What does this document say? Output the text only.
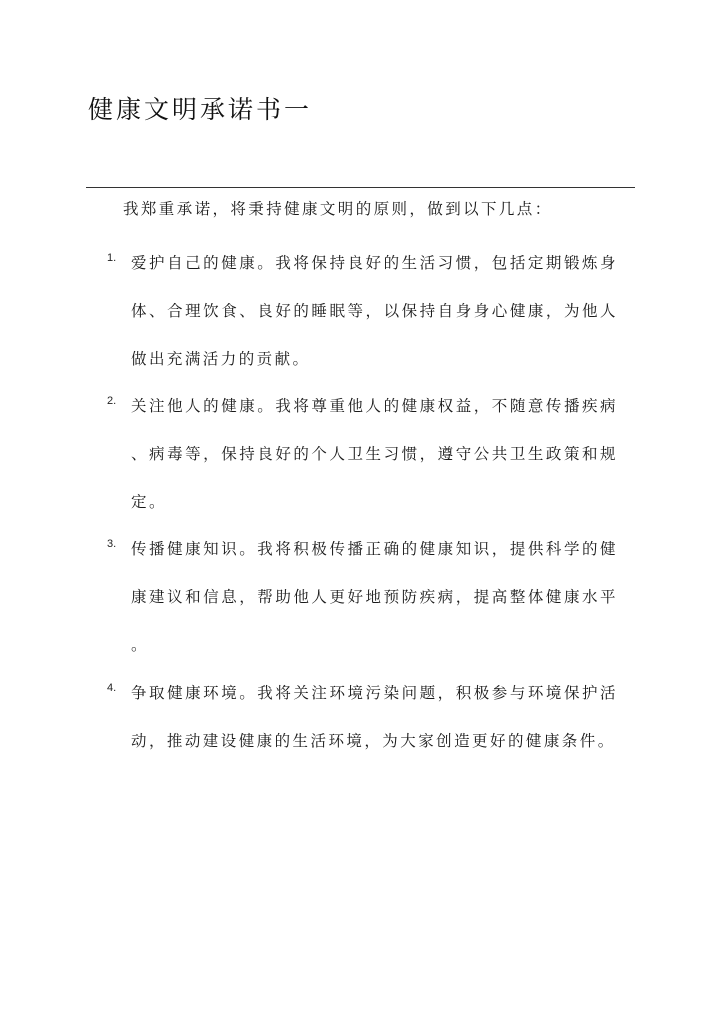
健康文明承诺书一

我郑重承诺，将秉持健康文明的原则，做到以下几点：

1. 爱护自己的健康。我将保持良好的生活习惯，包括定期锻炼身体、合理饮食、良好的睡眠等，以保持自身身心健康，为他人做出充满活力的贡献。

2. 关注他人的健康。我将尊重他人的健康权益，不随意传播疾病、病毒等，保持良好的个人卫生习惯，遵守公共卫生政策和规定。

3. 传播健康知识。我将积极传播正确的健康知识，提供科学的健康建议和信息，帮助他人更好地预防疾病，提高整体健康水平。

4. 争取健康环境。我将关注环境污染问题，积极参与环境保护活动，推动建设健康的生活环境，为大家创造更好的健康条件。
